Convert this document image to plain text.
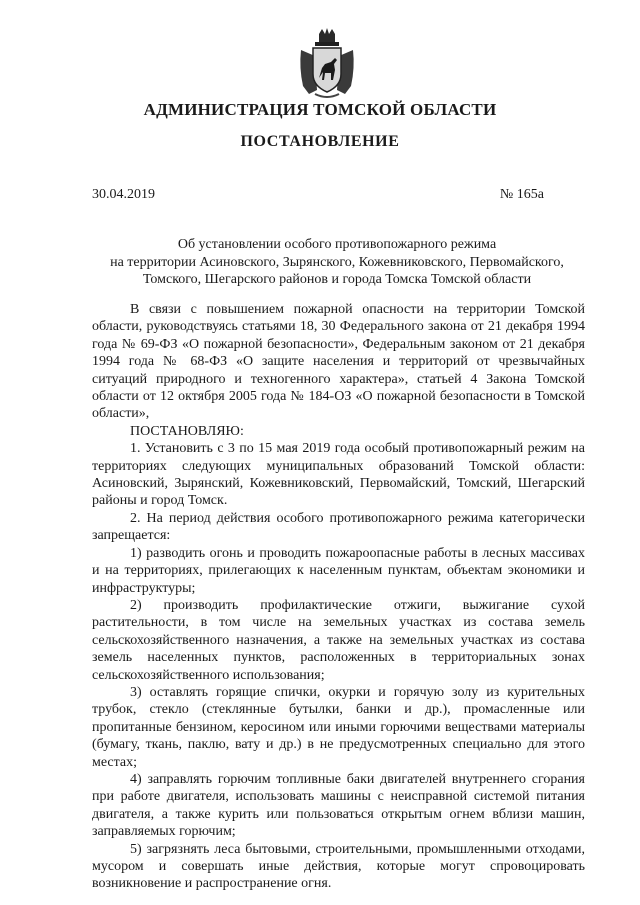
АДМИНИСТРАЦИЯ ТОМСКОЙ ОБЛАСТИ
ПОСТАНОВЛЕНИЕ
30.04.2019	№ 165а
Об установлении особого противопожарного режима
на территории Асиновского, Зырянского, Кожевниковского, Первомайского,
Томского, Шегарского районов и города Томска Томской области

В связи с повышением пожарной опасности на территории Томской области, руководствуясь статьями 18, 30 Федерального закона от 21 декабря 1994 года № 69-ФЗ «О пожарной безопасности», Федеральным законом от 21 декабря 1994 года № 68-ФЗ «О защите населения и территорий от чрезвычайных ситуаций природного и техногенного характера», статьей 4 Закона Томской области от 12 октября 2005 года № 184-ОЗ «О пожарной безопасности в Томской области»,

ПОСТАНОВЛЯЮ:

1. Установить с 3 по 15 мая 2019 года особый противопожарный режим на территориях следующих муниципальных образований Томской области: Асиновский, Зырянский, Кожевниковский, Первомайский, Томский, Шегарский районы и город Томск.

2. На период действия особого противопожарного режима категорически запрещается:

1) разводить огонь и проводить пожароопасные работы в лесных массивах и на территориях, прилегающих к населенным пунктам, объектам экономики и инфраструктуры;

2) производить профилактические отжиги, выжигание сухой растительности, в том числе на земельных участках из состава земель сельскохозяйственного назначения, а также на земельных участках из состава земель населенных пунктов, расположенных в территориальных зонах сельскохозяйственного использования;

3) оставлять горящие спички, окурки и горячую золу из курительных трубок, стекло (стеклянные бутылки, банки и др.), промасленные или пропитанные бензином, керосином или иными горючими веществами материалы (бумагу, ткань, паклю, вату и др.) в не предусмотренных специально для этого местах;

4) заправлять горючим топливные баки двигателей внутреннего сгорания при работе двигателя, использовать машины с неисправной системой питания двигателя, а также курить или пользоваться открытым огнем вблизи машин, заправляемых горючим;

5) загрязнять леса бытовыми, строительными, промышленными отходами, мусором и совершать иные действия, которые могут спровоцировать возникновение и распространение огня.
